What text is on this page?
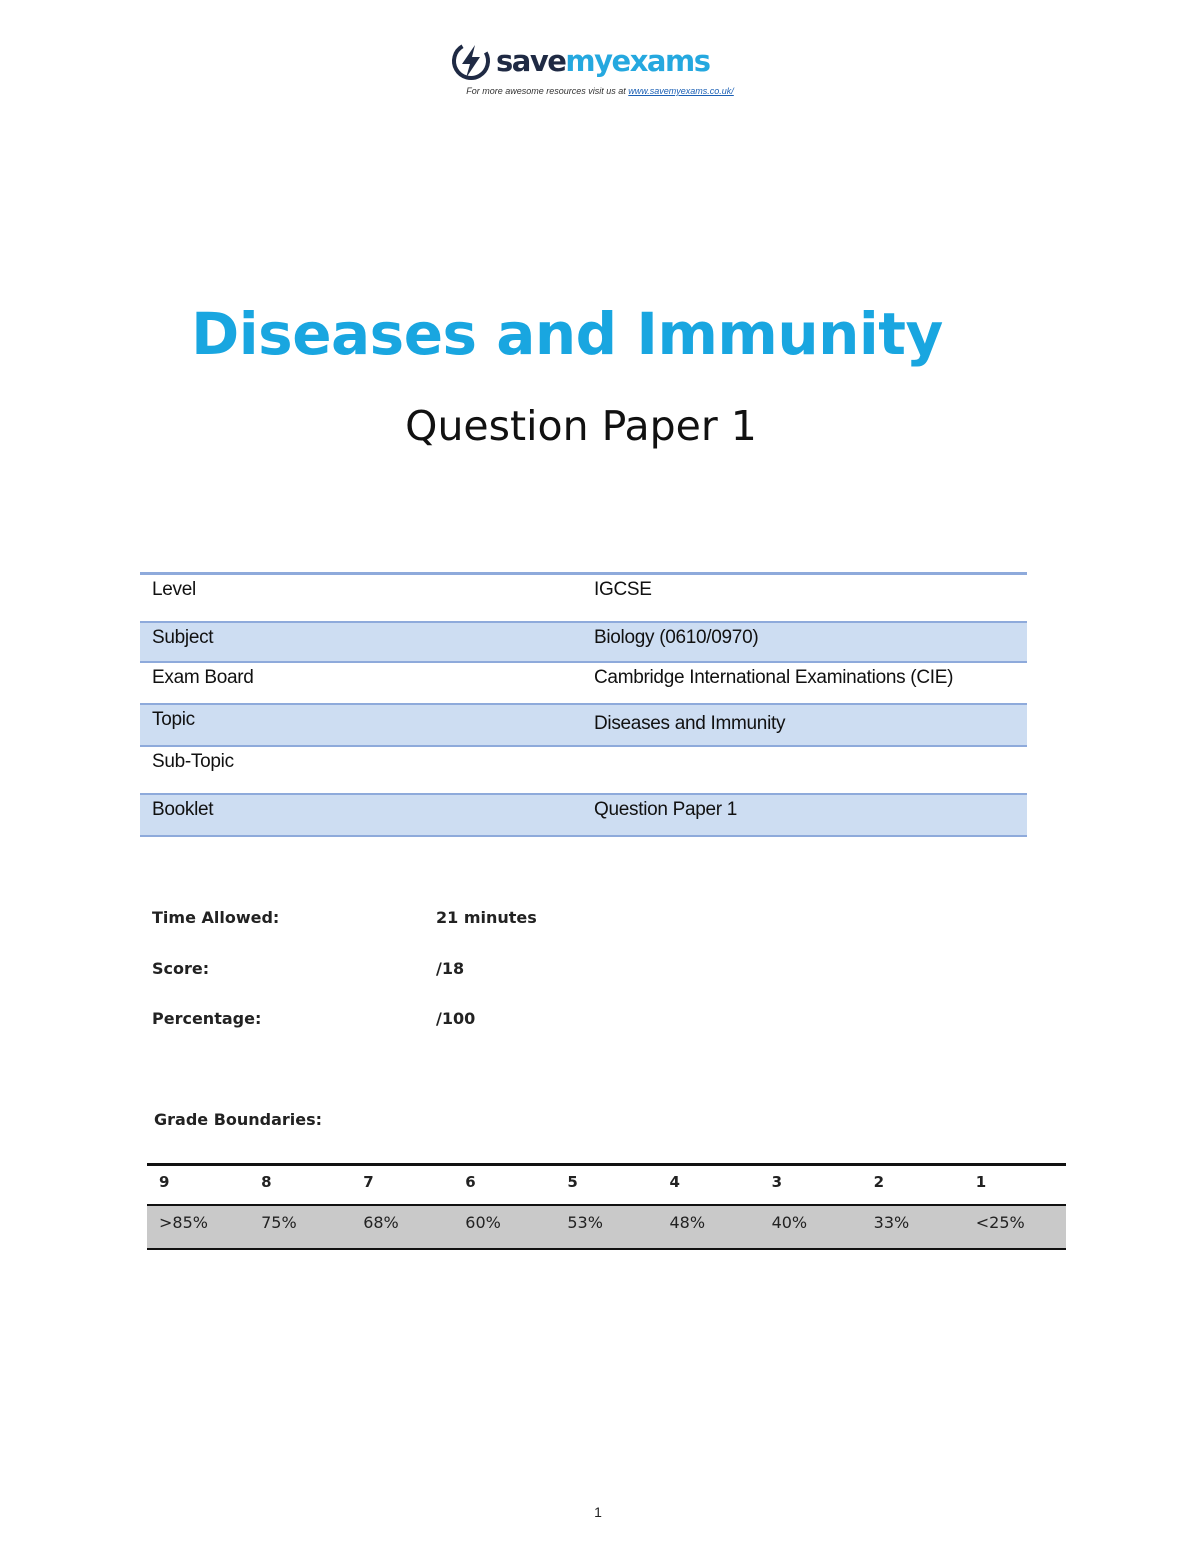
savemyexams
For more awesome resources visit us at www.savemyexams.co.uk/
Diseases and Immunity
Question Paper 1
Level	IGCSE
Subject	Biology (0610/0970)
Exam Board	Cambridge International Examinations (CIE)
Topic	Diseases and Immunity
Sub-Topic
Booklet	Question Paper 1
Time Allowed:	21 minutes
Score:	/18
Percentage:	/100
Grade Boundaries:
9	8	7	6	5	4	3	2	1
>85%	75%	68%	60%	53%	48%	40%	33%	<25%
1
